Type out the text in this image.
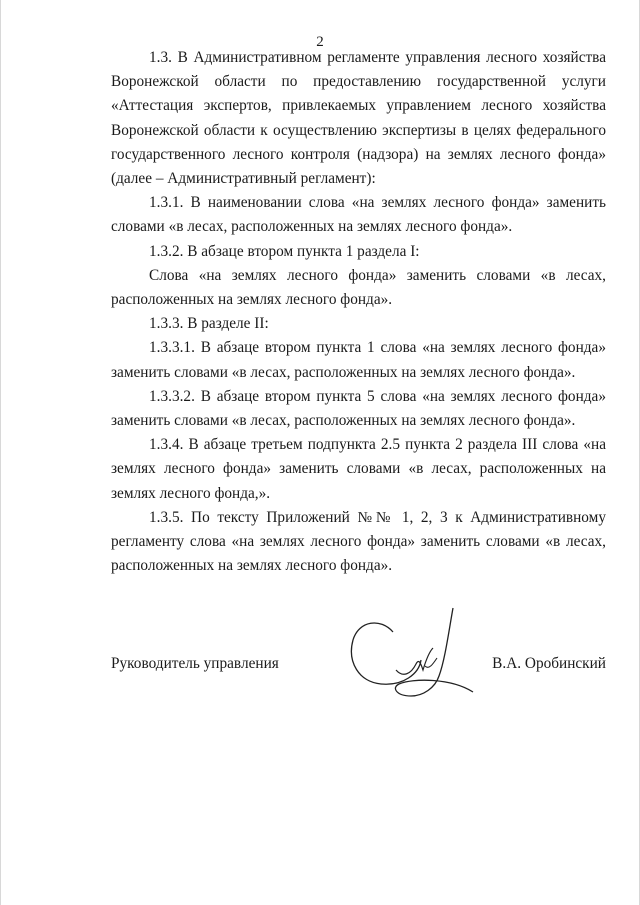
2

1.3. В Административном регламенте управления лесного хозяйства Воронежской области по предоставлению государственной услуги «Аттестация экспертов, привлекаемых управлением лесного хозяйства Воронежской области к осуществлению экспертизы в целях федерального государственного лесного контроля (надзора) на землях лесного фонда» (далее – Административный регламент):

1.3.1. В наименовании слова «на землях лесного фонда» заменить словами «в лесах, расположенных на землях лесного фонда».

1.3.2. В абзаце втором пункта 1 раздела I:

Слова «на землях лесного фонда» заменить словами «в лесах, расположенных на землях лесного фонда».

1.3.3. В разделе II:

1.3.3.1. В абзаце втором пункта 1 слова «на землях лесного фонда» заменить словами «в лесах, расположенных на землях лесного фонда».

1.3.3.2. В абзаце втором пункта 5 слова «на землях лесного фонда» заменить словами «в лесах, расположенных на землях лесного фонда».

1.3.4. В абзаце третьем подпункта 2.5 пункта 2 раздела III слова «на землях лесного фонда» заменить словами «в лесах, расположенных на землях лесного фонда,».

1.3.5. По тексту Приложений №№ 1, 2, 3 к Административному регламенту слова «на землях лесного фонда» заменить словами «в лесах, расположенных на землях лесного фонда».

Руководитель управления	В.А. Оробинский
